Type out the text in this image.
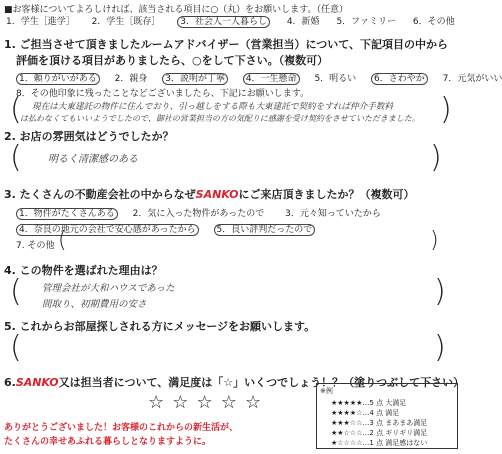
■お客様についてよろしければ、該当される項目に○（丸）をお願いします。（任意）
1．学生［進学］ 2．学生［既存］ 3．社会人一人暮らし 4．新婚 5．ファミリー 6．その他
1. ご担当させて頂きましたルームアドバイザー（営業担当）について、下記項目の中から
評価を頂ける項目がありましたら、○をして下さい。（複数可）
1．頼りがいがある 2．親身 3．説明が丁寧 4．一生懸命 5．明るい 6．さわやか 7．元気がいい
8．その他印象に残ったことなどございましたら、下記にお願いします。
(	)
現在は大東建託の物件に住んでおり、引っ越しをする際も大東建託で契約をすれば仲介手数料
は払わなくてもいいようでしたので、御社の営業担当の方の気配りに感謝を受け契約をさせていただきました。
2. お店の雰囲気はどうでしたか？
(	)
明るく清潔感のある
3. たくさんの不動産会社の中からなぜSANKOにご来店頂きましたか？（複数可）
1．物件がたくさんある 2．気に入った物件があったので 3．元々知っていたから
4．奈良の地元の会社で安心感があったから 5．良い評判だったので
7. その他 (	)
4. この物件を選ばれた理由は？
(	)
管理会社が大和ハウスであった
間取り、初期費用の安さ
5. これからお部屋探しされる方にメッセージをお願いします。
(	)
6.SANKO又は担当者について、満足度は「☆」いくつでしょう！？（塗りつぶして下さい）
☆ ☆ ☆ ☆ ☆
※例
★★★★★…5 点 大満足
★★★★☆…4 点 満足
★★★☆☆…3 点 まあまあ満足
★★☆☆☆…2 点 ギリギリ満足
★☆☆☆☆…1 点 満足感はない
ありがとうございました！お客様のこれからの新生活が、
たくさんの幸せあふれる暮らしとなりますように。
